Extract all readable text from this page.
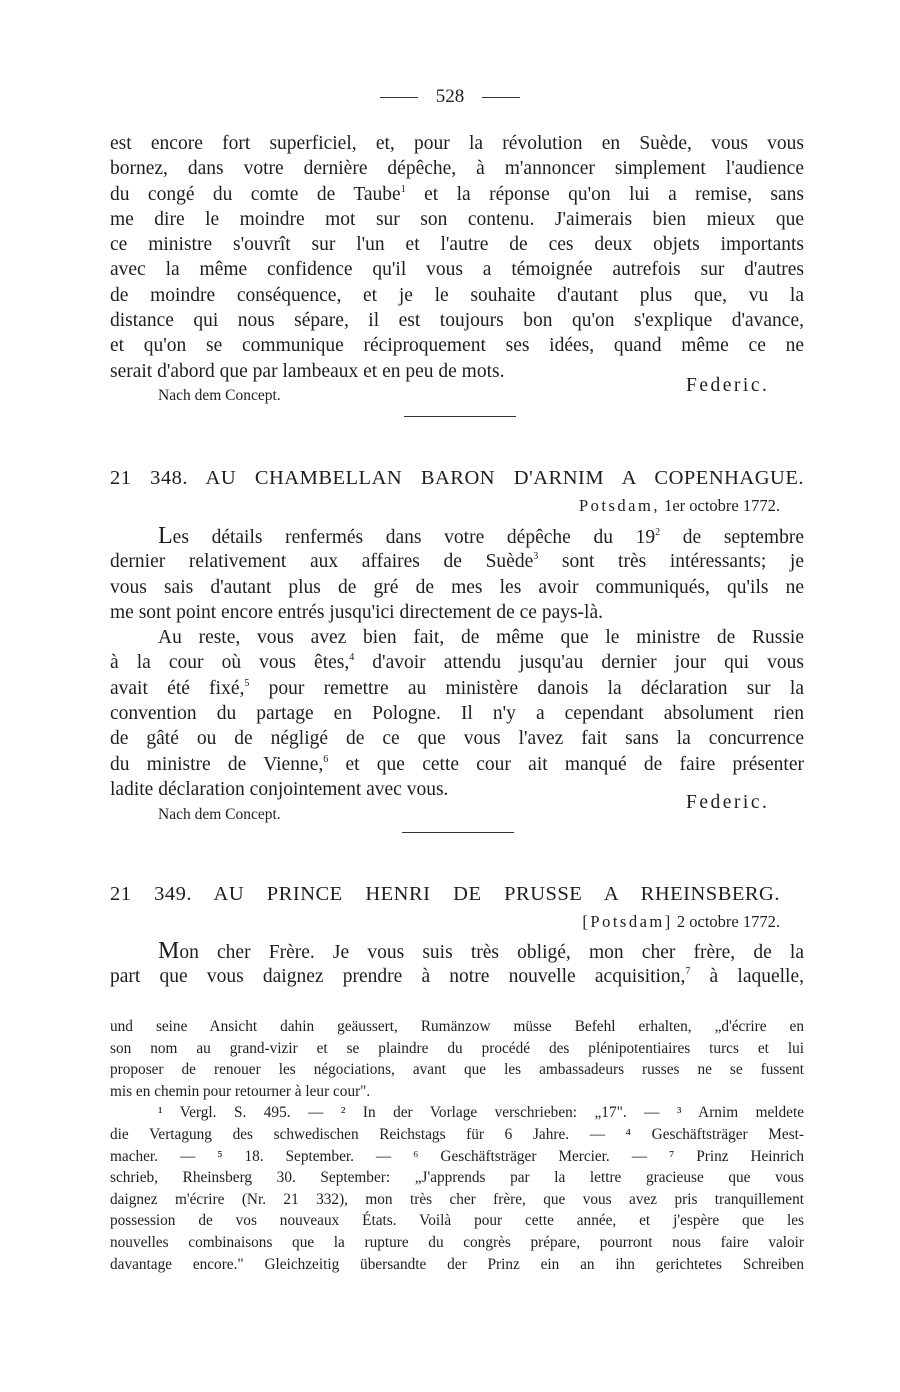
528
est encore fort superficiel, et, pour la révolution en Suède, vous vous
bornez, dans votre dernière dépêche, à m'annoncer simplement l'audience
du congé du comte de Taube$^1$ et la réponse qu'on lui a remise, sans
me dire le moindre mot sur son contenu. J'aimerais bien mieux que
ce ministre s'ouvrît sur l'un et l'autre de ces deux objets importants
avec la même confidence qu'il vous a témoignée autrefois sur d'autres
de moindre conséquence, et je le souhaite d'autant plus que, vu la
distance qui nous sépare, il est toujours bon qu'on s'explique d'avance,
et qu'on se communique réciproquement ses idées, quand même ce ne
serait d'abord que par lambeaux et en peu de mots.
Federic.
Nach dem Concept.
21 348. AU CHAMBELLAN BARON D'ARNIM A COPENHAGUE.
Potsdam, 1er octobre 1772.
Les détails renfermés dans votre dépêche du $19^2$ de septembre
dernier relativement aux affaires de Suède$^3$ sont très intéressants; je
vous sais d'autant plus de gré de mes les avoir communiqués, qu'ils ne
me sont point encore entrés jusqu'ici directement de ce pays-là.
Au reste, vous avez bien fait, de même que le ministre de Russie
à la cour où vous êtes,$^4$ d'avoir attendu jusqu'au dernier jour qui vous
avait été fixé,$^5$ pour remettre au ministère danois la déclaration sur la
convention du partage en Pologne. Il n'y a cependant absolument rien
de gâté ou de négligé de ce que vous l'avez fait sans la concurrence
du ministre de Vienne,$^6$ et que cette cour ait manqué de faire présenter
ladite déclaration conjointement avec vous.
Federic.
Nach dem Concept.
21 349. AU PRINCE HENRI DE PRUSSE A RHEINSBERG.
[Potsdam] 2 octobre 1772.
Mon cher Frère. Je vous suis très obligé, mon cher frère, de la
part que vous daignez prendre à notre nouvelle acquisition,$^7$ à laquelle,
und seine Ansicht dahin geäussert, Rumänzow müsse Befehl erhalten, „d'écrire en
son nom au grand-vizir et se plaindre du procédé des plénipotentiaires turcs et lui
proposer de renouer les négociations, avant que les ambassadeurs russes ne se fussent
mis en chemin pour retourner à leur cour".
¹ Vergl. S. 495. — ² In der Vorlage verschrieben: „17". — ³ Arnim meldete
die Vertagung des schwedischen Reichstags für 6 Jahre. — ⁴ Geschäftsträger Mest-
macher. — ⁵ 18. September. — ⁶ Geschäftsträger Mercier. — ⁷ Prinz Heinrich
schrieb, Rheinsberg 30. September: „J'apprends par la lettre gracieuse que vous
daignez m'écrire (Nr. 21 332), mon très cher frère, que vous avez pris tranquillement
possession de vos nouveaux États. Voilà pour cette année, et j'espère que les
nouvelles combinaisons que la rupture du congrès prépare, pourront nous faire valoir
davantage encore." Gleichzeitig übersandte der Prinz ein an ihn gerichtetes Schreiben
